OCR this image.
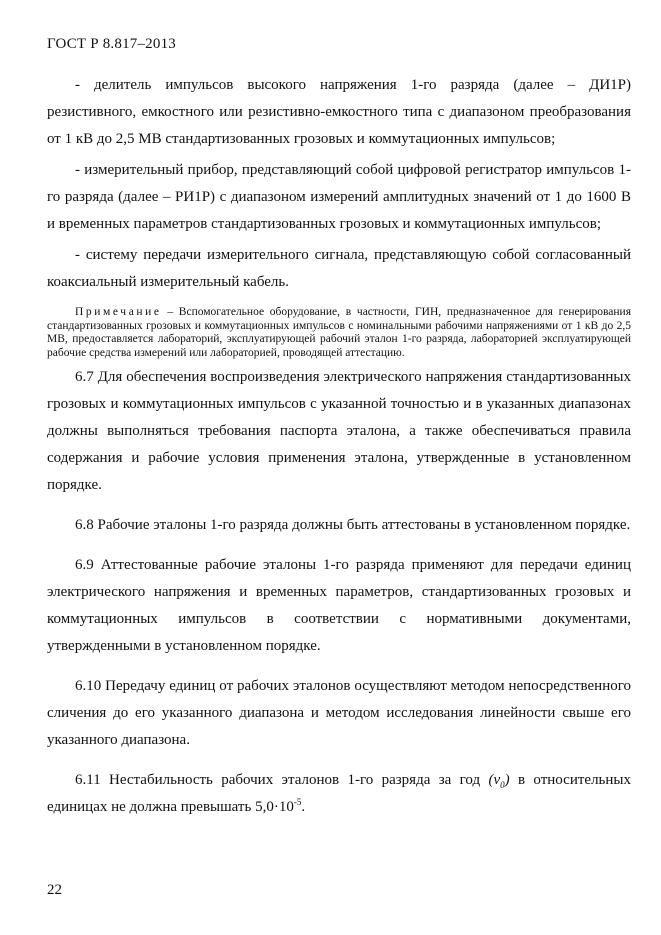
ГОСТ Р 8.817–2013

- делитель импульсов высокого напряжения 1-го разряда (далее – ДИ1Р) резистивного, емкостного или резистивно-емкостного типа с диапазоном преобразования от 1 кВ до 2,5 МВ стандартизованных грозовых и коммутационных импульсов;

- измерительный прибор, представляющий собой цифровой регистратор импульсов 1-го разряда (далее – РИ1Р) с диапазоном измерений амплитудных значений от 1 до 1600 В и временных параметров стандартизованных грозовых и коммутационных импульсов;

- систему передачи измерительного сигнала, представляющую собой согласованный коаксиальный измерительный кабель.

Примечание – Вспомогательное оборудование, в частности, ГИН, предназначенное для генерирования стандартизованных грозовых и коммутационных импульсов с номинальными рабочими напряжениями от 1 кВ до 2,5 МВ, предоставляется лабораторий, эксплуатирующей рабочий эталон 1-го разряда, лабораторией эксплуатирующей рабочие средства измерений или лабораторией, проводящей аттестацию.

6.7 Для обеспечения воспроизведения электрического напряжения стандартизованных грозовых и коммутационных импульсов с указанной точностью и в указанных диапазонах должны выполняться требования паспорта эталона, а также обеспечиваться правила содержания и рабочие условия применения эталона, утвержденные в установленном порядке.

6.8 Рабочие эталоны 1-го разряда должны быть аттестованы в установленном порядке.

6.9 Аттестованные рабочие эталоны 1-го разряда применяют для передачи единиц электрического напряжения и временных параметров, стандартизованных грозовых и коммутационных импульсов в соответствии с нормативными документами, утвержденными в установленном порядке.

6.10 Передачу единиц от рабочих эталонов осуществляют методом непосредственного сличения до его указанного диапазона и методом исследования линейности свыше его указанного диапазона.

6.11 Нестабильность рабочих эталонов 1-го разряда за год $(\nu_0)$ в относительных единицах не должна превышать $5,0\cdot 10^{-5}$.

22
